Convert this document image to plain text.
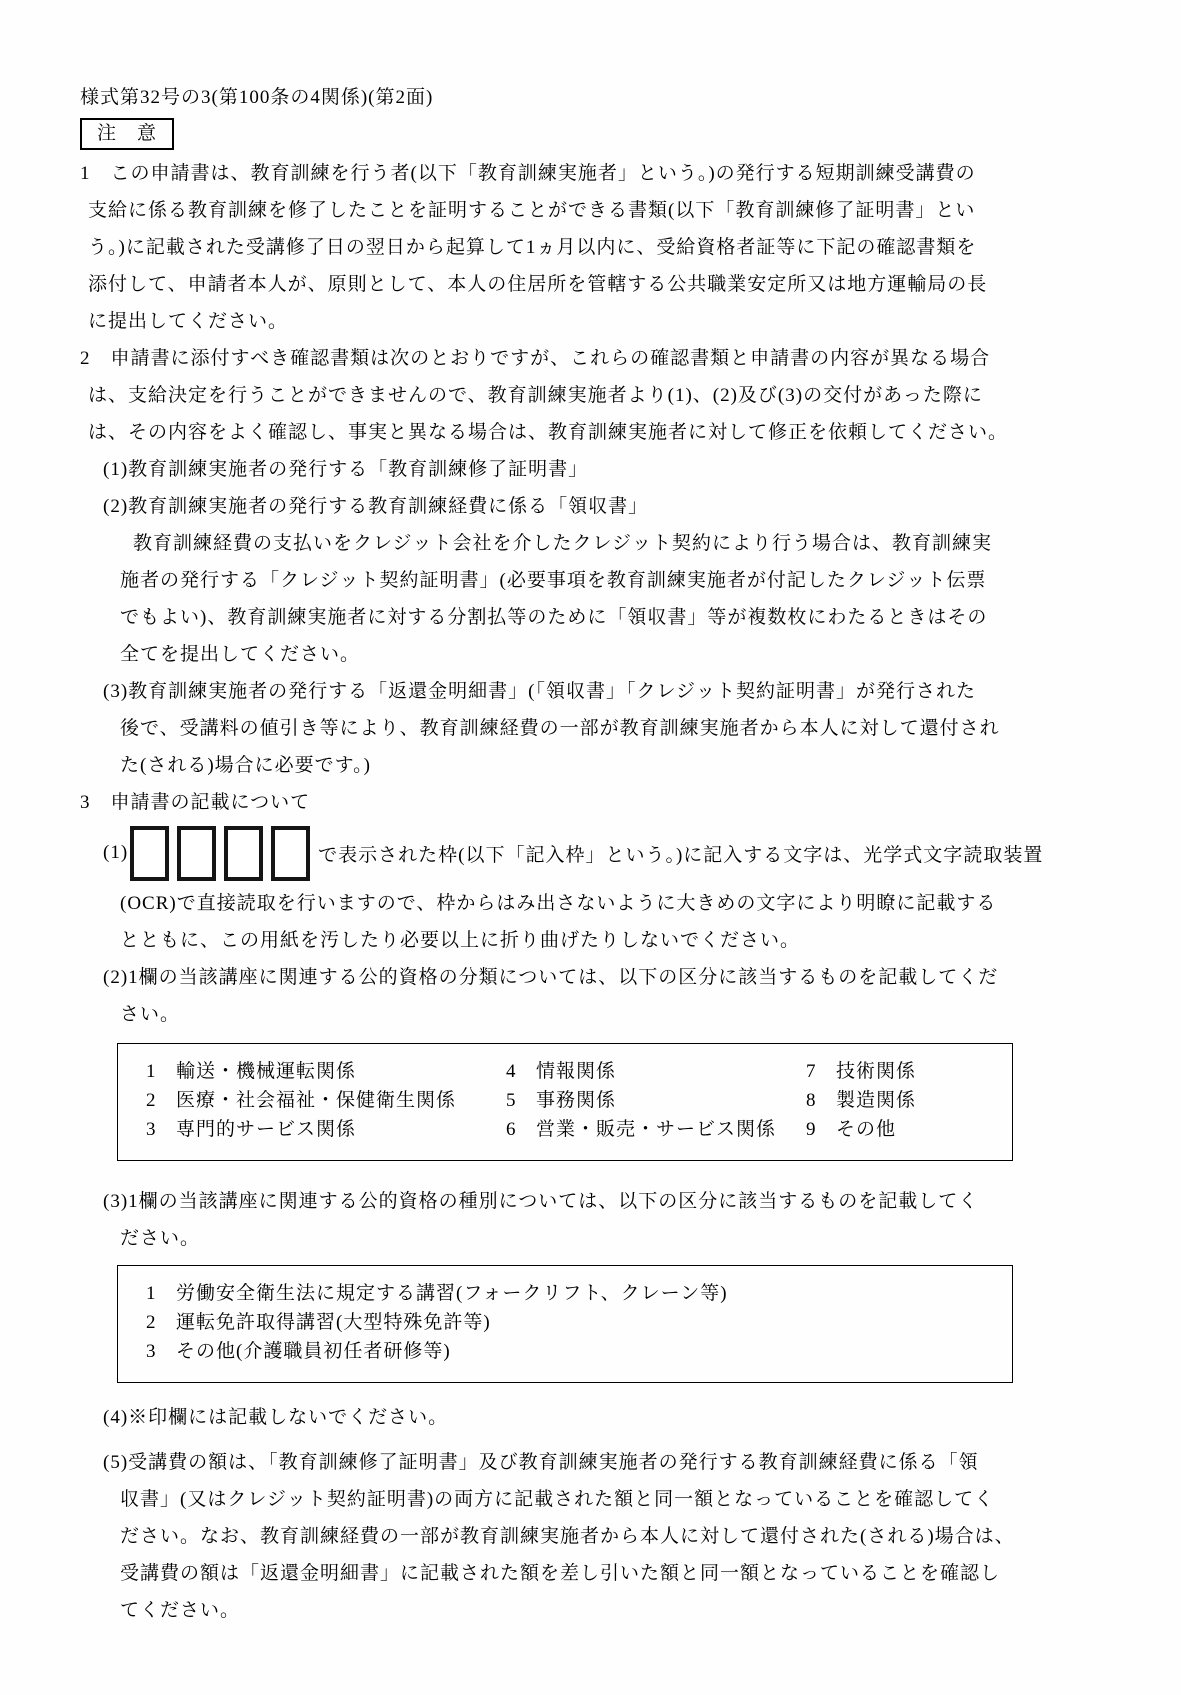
様式第32号の3(第100条の4関係)(第2面)
注　意
1　この申請書は、教育訓練を行う者(以下「教育訓練実施者」という。)の発行する短期訓練受講費の
支給に係る教育訓練を修了したことを証明することができる書類(以下「教育訓練修了証明書」とい
う。)に記載された受講修了日の翌日から起算して1ヵ月以内に、受給資格者証等に下記の確認書類を
添付して、申請者本人が、原則として、本人の住居所を管轄する公共職業安定所又は地方運輸局の長
に提出してください。
2　申請書に添付すべき確認書類は次のとおりですが、これらの確認書類と申請書の内容が異なる場合
は、支給決定を行うことができませんので、教育訓練実施者より(1)、(2)及び(3)の交付があった際に
は、その内容をよく確認し、事実と異なる場合は、教育訓練実施者に対して修正を依頼してください。
(1)教育訓練実施者の発行する「教育訓練修了証明書」
(2)教育訓練実施者の発行する教育訓練経費に係る「領収書」
教育訓練経費の支払いをクレジット会社を介したクレジット契約により行う場合は、教育訓練実
施者の発行する「クレジット契約証明書」(必要事項を教育訓練実施者が付記したクレジット伝票
でもよい)、教育訓練実施者に対する分割払等のために「領収書」等が複数枚にわたるときはその
全てを提出してください。
(3)教育訓練実施者の発行する「返還金明細書」(「領収書」「クレジット契約証明書」が発行された
後で、受講料の値引き等により、教育訓練経費の一部が教育訓練実施者から本人に対して還付され
た(される)場合に必要です。)
3　申請書の記載について
(1)	で表示された枠(以下「記入枠」という。)に記入する文字は、光学式文字読取装置
(OCR)で直接読取を行いますので、枠からはみ出さないように大きめの文字により明瞭に記載する
とともに、この用紙を汚したり必要以上に折り曲げたりしないでください。
(2)1欄の当該講座に関連する公的資格の分類については、以下の区分に該当するものを記載してくだ
さい。
1	輸送・機械運転関係	4	情報関係	7	技術関係
2	医療・社会福祉・保健衛生関係	5	事務関係	8	製造関係
3	専門的サービス関係	6	営業・販売・サービス関係 9	その他
(3)1欄の当該講座に関連する公的資格の種別については、以下の区分に該当するものを記載してく
ださい。
1	労働安全衛生法に規定する講習(フォークリフト、クレーン等)
2	運転免許取得講習(大型特殊免許等)
3	その他(介護職員初任者研修等)
(4)※印欄には記載しないでください。
(5)受講費の額は、「教育訓練修了証明書」及び教育訓練実施者の発行する教育訓練経費に係る「領
収書」(又はクレジット契約証明書)の両方に記載された額と同一額となっていることを確認してく
ださい。なお、教育訓練経費の一部が教育訓練実施者から本人に対して還付された(される)場合は、
受講費の額は「返還金明細書」に記載された額を差し引いた額と同一額となっていることを確認し
てください。
